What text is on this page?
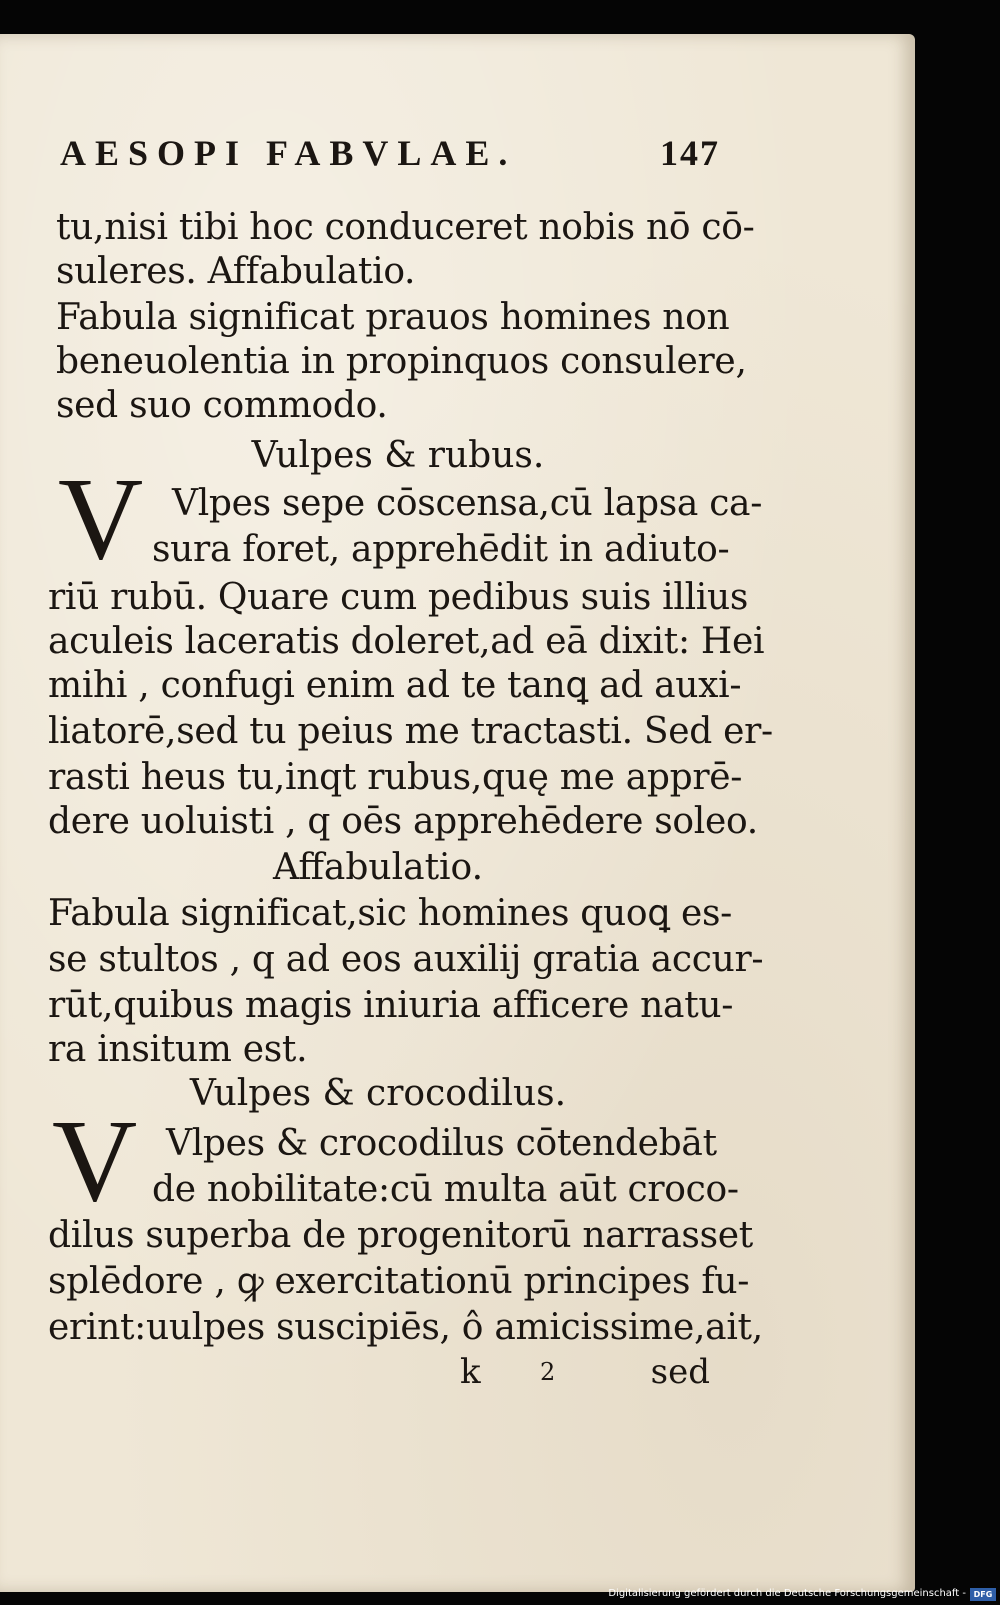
AESOPI FABVLAE.	147
tu,nisi tibi hoc conduceret nobis nō cō-
suleres. Affabulatio.
Fabula significat prauos homines non
beneuolentia in propinquos consulere,
sed suo commodo.
Vulpes & rubus.
V Vlpes sepe cōscensa,cū lapsa ca-
sura foret, apprehēdit in adiuto-
riū rubū. Quare cum pedibus suis illius
aculeis laceratis doleret,ad eā dixit: Hei
mihi , confugi enim ad te tanꝗ ad auxi-
liatorē,sed tu peius me tractasti. Sed er-
rasti heus tu,inqt rubus,quę me apprē-
dere uoluisti , q oēs apprehēdere soleo.
Affabulatio.
Fabula significat,sic homines quoꝗ es-
se stultos , q ad eos auxilij gratia accur-
rūt,quibus magis iniuria afficere natu-
ra insitum est.
Vulpes & crocodilus.
V Vlpes & crocodilus cōtendebāt
de nobilitate:cū multa aūt croco-
dilus superba de progenitorū narrasset
splēdore , ꝙ exercitationū principes fu-
erint:uulpes suscipiēs, ô amicissime,ait,
k 2	sed
Digitalisierung gefördert durch die Deutsche Forschungsgemeinschaft - DFG
